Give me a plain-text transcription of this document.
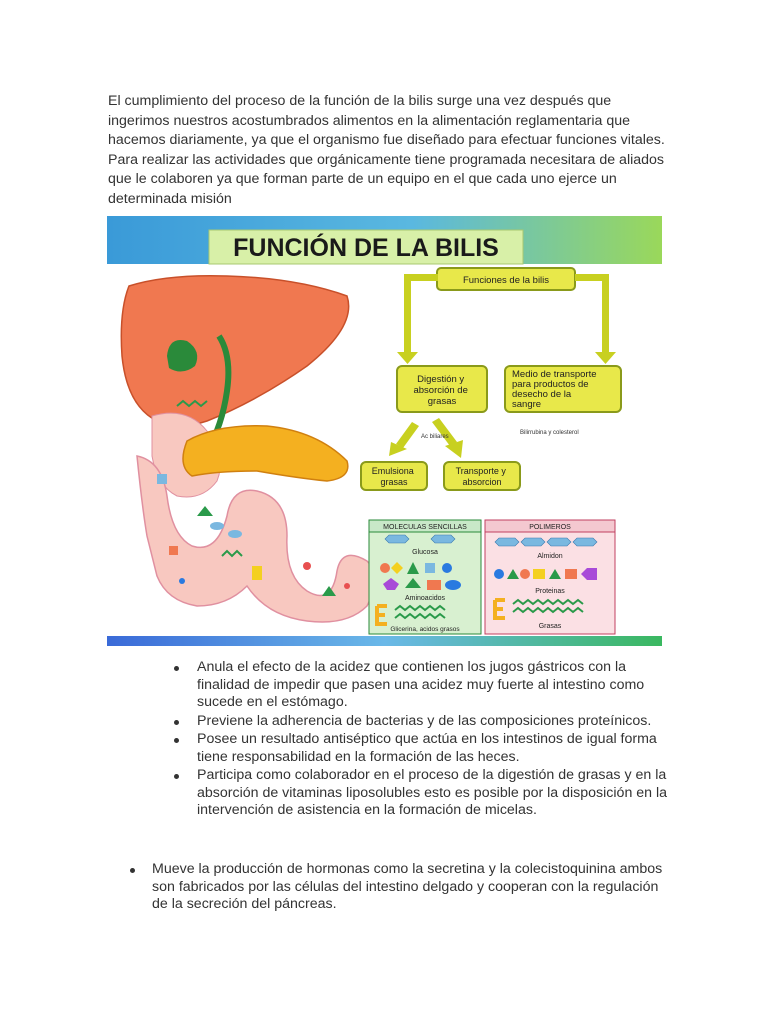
El cumplimiento del proceso de la función de la bilis surge una vez después que ingerimos nuestros acostumbrados alimentos en la alimentación reglamentaria que hacemos diariamente, ya que el organismo fue diseñado para efectuar funciones vitales. Para realizar las actividades que orgánicamente tiene programada necesitara de aliados que le colaboren ya que forman parte de un equipo en el que cada uno ejerce un determinada misión

FUNCIÓN DE LA BILIS
Funciones de la bilis
Digestión y absorción de grasas
Medio de transporte para productos de desecho de la sangre
Ac biliares
Bilirrubina y colesterol
Emulsiona grasas
Transporte y absorcion
MOLECULAS SENCILLAS
Glucosa
Aminoacidos
Glicerina, acidos grasos
POLIMEROS
Almidon
Proteinas
Grasas
Anula el efecto de la acidez que contienen los jugos gástricos con la finalidad de impedir que pasen una acidez muy fuerte al intestino como sucede en el estómago.
Previene la adherencia de bacterias y de las composiciones proteínicos.
Posee un resultado antiséptico que actúa en los intestinos de igual forma tiene responsabilidad en la formación de las heces.
Participa como colaborador en el proceso de la digestión de grasas y en la absorción de vitaminas liposolubles esto es posible por la disposición en la intervención de asistencia en la formación de micelas.
Mueve la producción de hormonas como la secretina y la colecistoquinina ambos son fabricados por las células del intestino delgado y cooperan con la regulación de la secreción del páncreas.
